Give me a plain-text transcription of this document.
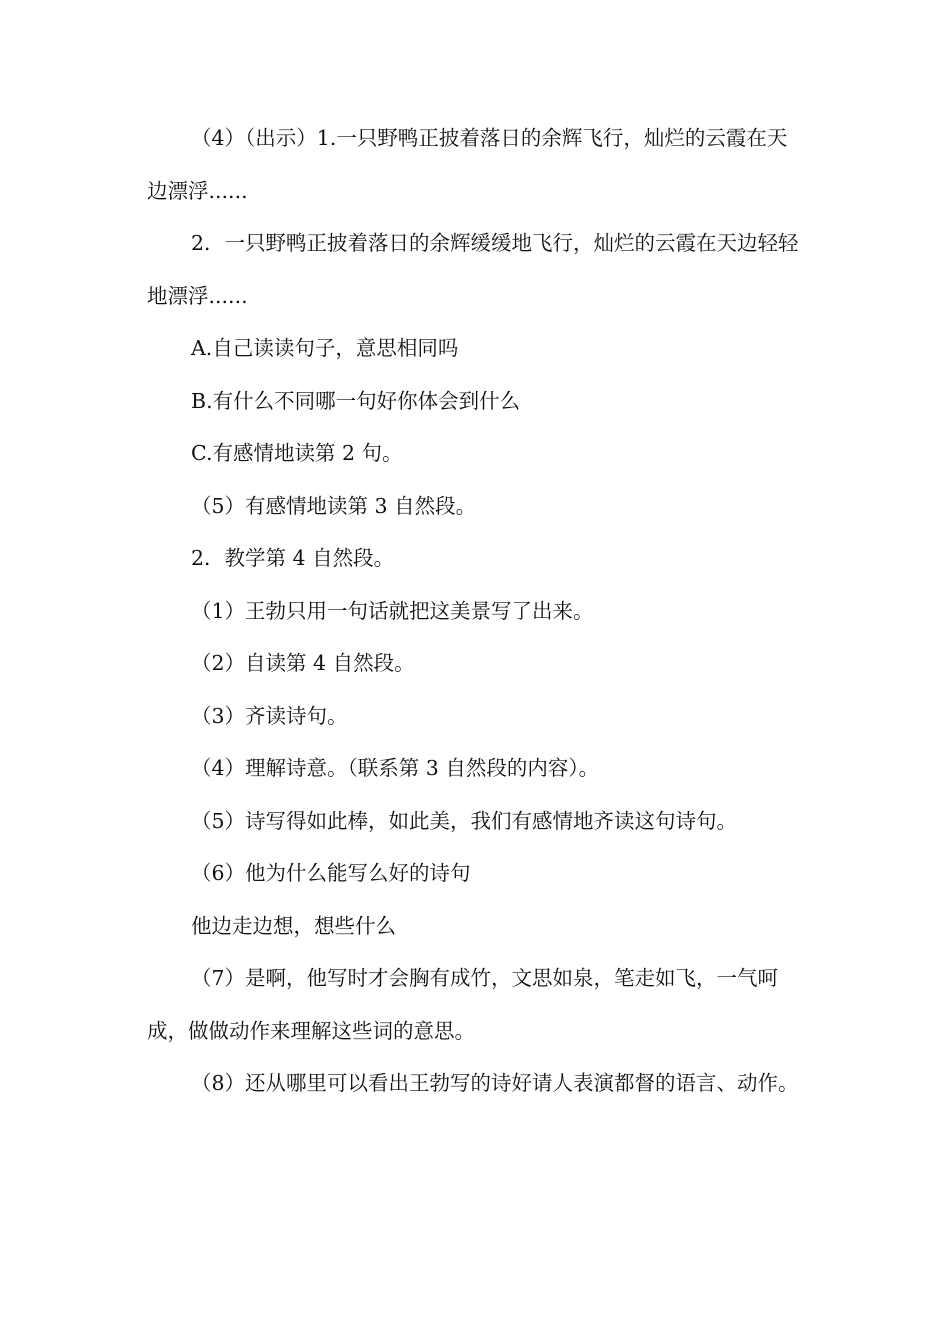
（4）（出示）1.一只野鸭正披着落日的余辉飞行，灿烂的云霞在天边漂浮......

2．一只野鸭正披着落日的余辉缓缓地飞行，灿烂的云霞在天边轻轻地漂浮......

A.自己读读句子，意思相同吗

B.有什么不同哪一句好你体会到什么

C.有感情地读第 2 句。

（5）有感情地读第 3 自然段。

2．教学第 4 自然段。

（1）王勃只用一句话就把这美景写了出来。

（2）自读第 4 自然段。

（3）齐读诗句。

（4）理解诗意。（联系第 3 自然段的内容）。

（5）诗写得如此棒，如此美，我们有感情地齐读这句诗句。

（6）他为什么能写么好的诗句

他边走边想，想些什么

（7）是啊，他写时才会胸有成竹，文思如泉，笔走如飞，一气呵成，做做动作来理解这些词的意思。

（8）还从哪里可以看出王勃写的诗好请人表演都督的语言、动作。
